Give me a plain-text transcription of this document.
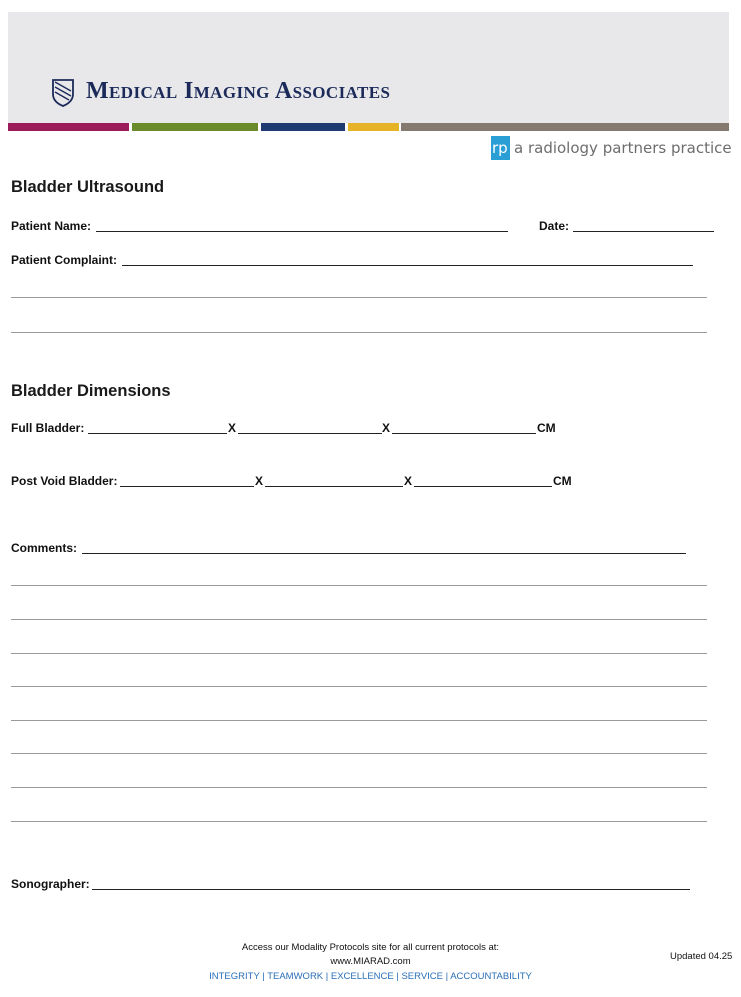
Medical Imaging Associates
rp a radiology partners practice
Bladder Ultrasound
Patient Name:	Date:
Patient Complaint:
Bladder Dimensions
Full Bladder:	X	X	CM
Post Void Bladder:	X	X	CM
Comments:
Sonographer:
Access our Modality Protocols site for all current protocols at:
www.MIARAD.com
INTEGRITY | TEAMWORK | EXCELLENCE | SERVICE | ACCOUNTABILITY
Updated 04.25
